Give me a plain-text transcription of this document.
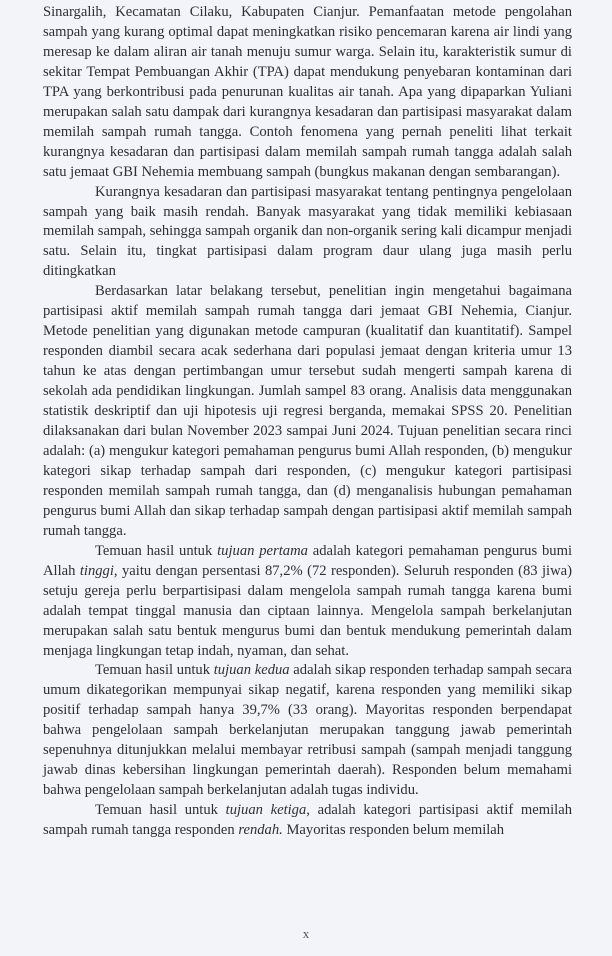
Sinargalih, Kecamatan Cilaku, Kabupaten Cianjur. Pemanfaatan metode pengolahan sampah yang kurang optimal dapat meningkatkan risiko pencemaran karena air lindi yang meresap ke dalam aliran air tanah menuju sumur warga. Selain itu, karakteristik sumur di sekitar Tempat Pembuangan Akhir (TPA) dapat mendukung penyebaran kontaminan dari TPA yang berkontribusi pada penurunan kualitas air tanah. Apa yang dipaparkan Yuliani merupakan salah satu dampak dari kurangnya kesadaran dan partisipasi masyarakat dalam memilah sampah rumah tangga. Contoh fenomena yang pernah peneliti lihat terkait kurangnya kesadaran dan partisipasi dalam memilah sampah rumah tangga adalah salah satu jemaat GBI Nehemia membuang sampah (bungkus makanan dengan sembarangan).

Kurangnya kesadaran dan partisipasi masyarakat tentang pentingnya pengelolaan sampah yang baik masih rendah. Banyak masyarakat yang tidak memiliki kebiasaan memilah sampah, sehingga sampah organik dan non-organik sering kali dicampur menjadi satu. Selain itu, tingkat partisipasi dalam program daur ulang juga masih perlu ditingkatkan

Berdasarkan latar belakang tersebut, penelitian ingin mengetahui bagaimana partisipasi aktif memilah sampah rumah tangga dari jemaat GBI Nehemia, Cianjur. Metode penelitian yang digunakan metode campuran (kualitatif dan kuantitatif). Sampel responden diambil secara acak sederhana dari populasi jemaat dengan kriteria umur 13 tahun ke atas dengan pertimbangan umur tersebut sudah mengerti sampah karena di sekolah ada pendidikan lingkungan. Jumlah sampel 83 orang. Analisis data menggunakan statistik deskriptif dan uji hipotesis uji regresi berganda, memakai SPSS 20. Penelitian dilaksanakan dari bulan November 2023 sampai Juni 2024. Tujuan penelitian secara rinci adalah: (a) mengukur kategori pemahaman pengurus bumi Allah responden, (b) mengukur kategori sikap terhadap sampah dari responden, (c) mengukur kategori partisipasi responden memilah sampah rumah tangga, dan (d) menganalisis hubungan pemahaman pengurus bumi Allah dan sikap terhadap sampah dengan partisipasi aktif memilah sampah rumah tangga.

Temuan hasil untuk tujuan pertama adalah kategori pemahaman pengurus bumi Allah tinggi, yaitu dengan persentasi 87,2% (72 responden). Seluruh responden (83 jiwa) setuju gereja perlu berpartisipasi dalam mengelola sampah rumah tangga karena bumi adalah tempat tinggal manusia dan ciptaan lainnya. Mengelola sampah berkelanjutan merupakan salah satu bentuk mengurus bumi dan bentuk mendukung pemerintah dalam menjaga lingkungan tetap indah, nyaman, dan sehat.

Temuan hasil untuk tujuan kedua adalah sikap responden terhadap sampah secara umum dikategorikan mempunyai sikap negatif, karena responden yang memiliki sikap positif terhadap sampah hanya 39,7% (33 orang). Mayoritas responden berpendapat bahwa pengelolaan sampah berkelanjutan merupakan tanggung jawab pemerintah sepenuhnya ditunjukkan melalui membayar retribusi sampah (sampah menjadi tanggung jawab dinas kebersihan lingkungan pemerintah daerah). Responden belum memahami bahwa pengelolaan sampah berkelanjutan adalah tugas individu.

Temuan hasil untuk tujuan ketiga, adalah kategori partisipasi aktif memilah sampah rumah tangga responden rendah. Mayoritas responden belum memilah

x
